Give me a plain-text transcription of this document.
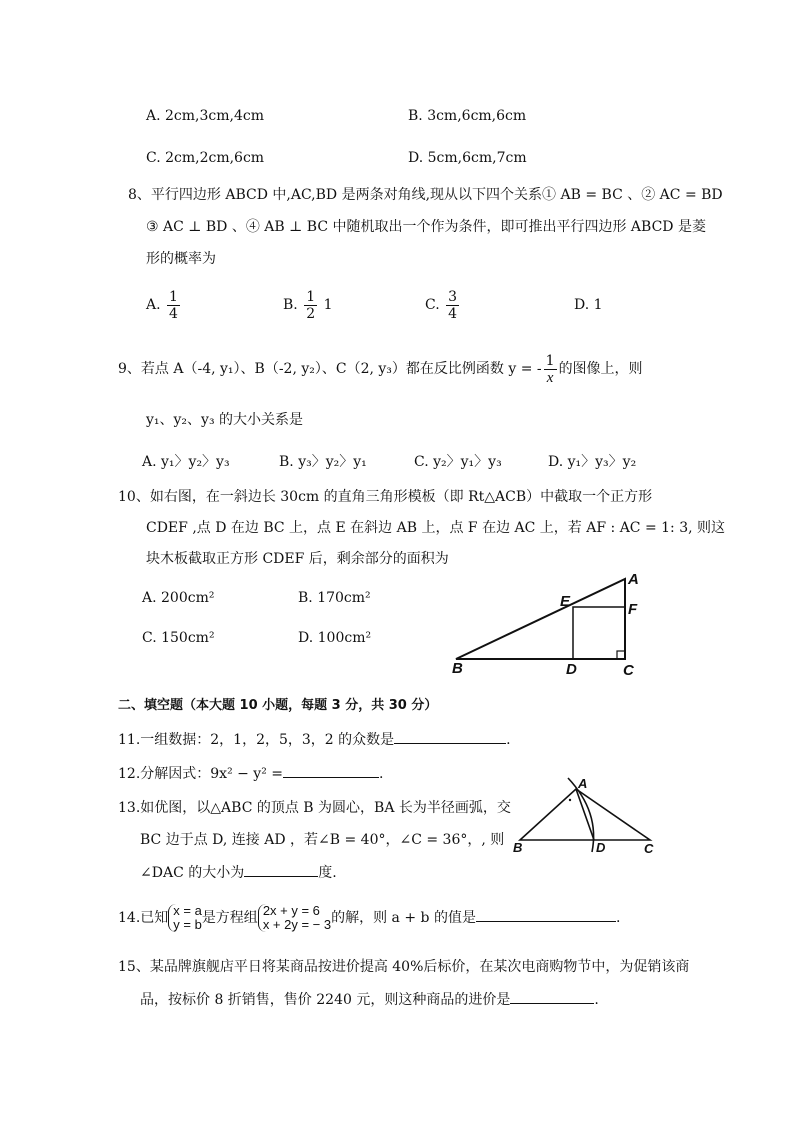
A. 2cm,3cm,4cm	B. 3cm,6cm,6cm
C. 2cm,2cm,6cm	D. 5cm,6cm,7cm
8、平行四边形 ABCD 中,AC,BD 是两条对角线,现从以下四个关系① AB = BC 、② AC = BD
③ AC ⊥ BD 、④ AB ⊥ BC 中随机取出一个作为条件，即可推出平行四边形 ABCD 是菱
形的概率为
A. $\frac{1}{4}$	B. $\frac{1}{2} 1$	C. $\frac{3}{4}$	D. 1
9、若点 A（-4, y₁）、B（-2, y₂）、C（2, y₃）都在反比例函数 y = - $\frac{1}{x}$ 的图像上，则
y₁、y₂、y₃ 的大小关系是
A. y₁〉y₂〉y₃	B. y₃〉y₂〉y₁	C. y₂〉y₁〉y₃	D. y₁〉y₃〉y₂
10、如右图，在一斜边长 30cm 的直角三角形模板（即 Rt△ACB）中截取一个正方形
CDEF ,点 D 在边 BC 上，点 E 在斜边 AB 上，点 F 在边 AC 上，若 AF : AC = 1: 3, 则这
块木板截取正方形 CDEF 后，剩余部分的面积为
A. 200cm²	B. 170cm²
C. 150cm²	D. 100cm²
A
B	C
D
E	F
二、填空题（本大题 10 小题，每题 3 分，共 30 分）
11.一组数据：2，1，2，5，3，2 的众数是	.
12.分解因式：9x² − y² =	.
13.如优图，以△ABC 的顶点 B 为圆心，BA 长为半径画弧，交
BC 边于点 D, 连接 AD ，若∠B = 40°，∠C = 36°，, 则
∠DAC 的大小为	度.
A
B	C
D
14.已知 x = a
y = b 是方程组 2x + y = 6
x + 2y = − 3 的解，则 a + b 的值是	.
15、某品牌旗舰店平日将某商品按进价提高 40%后标价，在某次电商购物节中，为促销该商
品，按标价 8 折销售，售价 2240 元，则这种商品的进价是	.
